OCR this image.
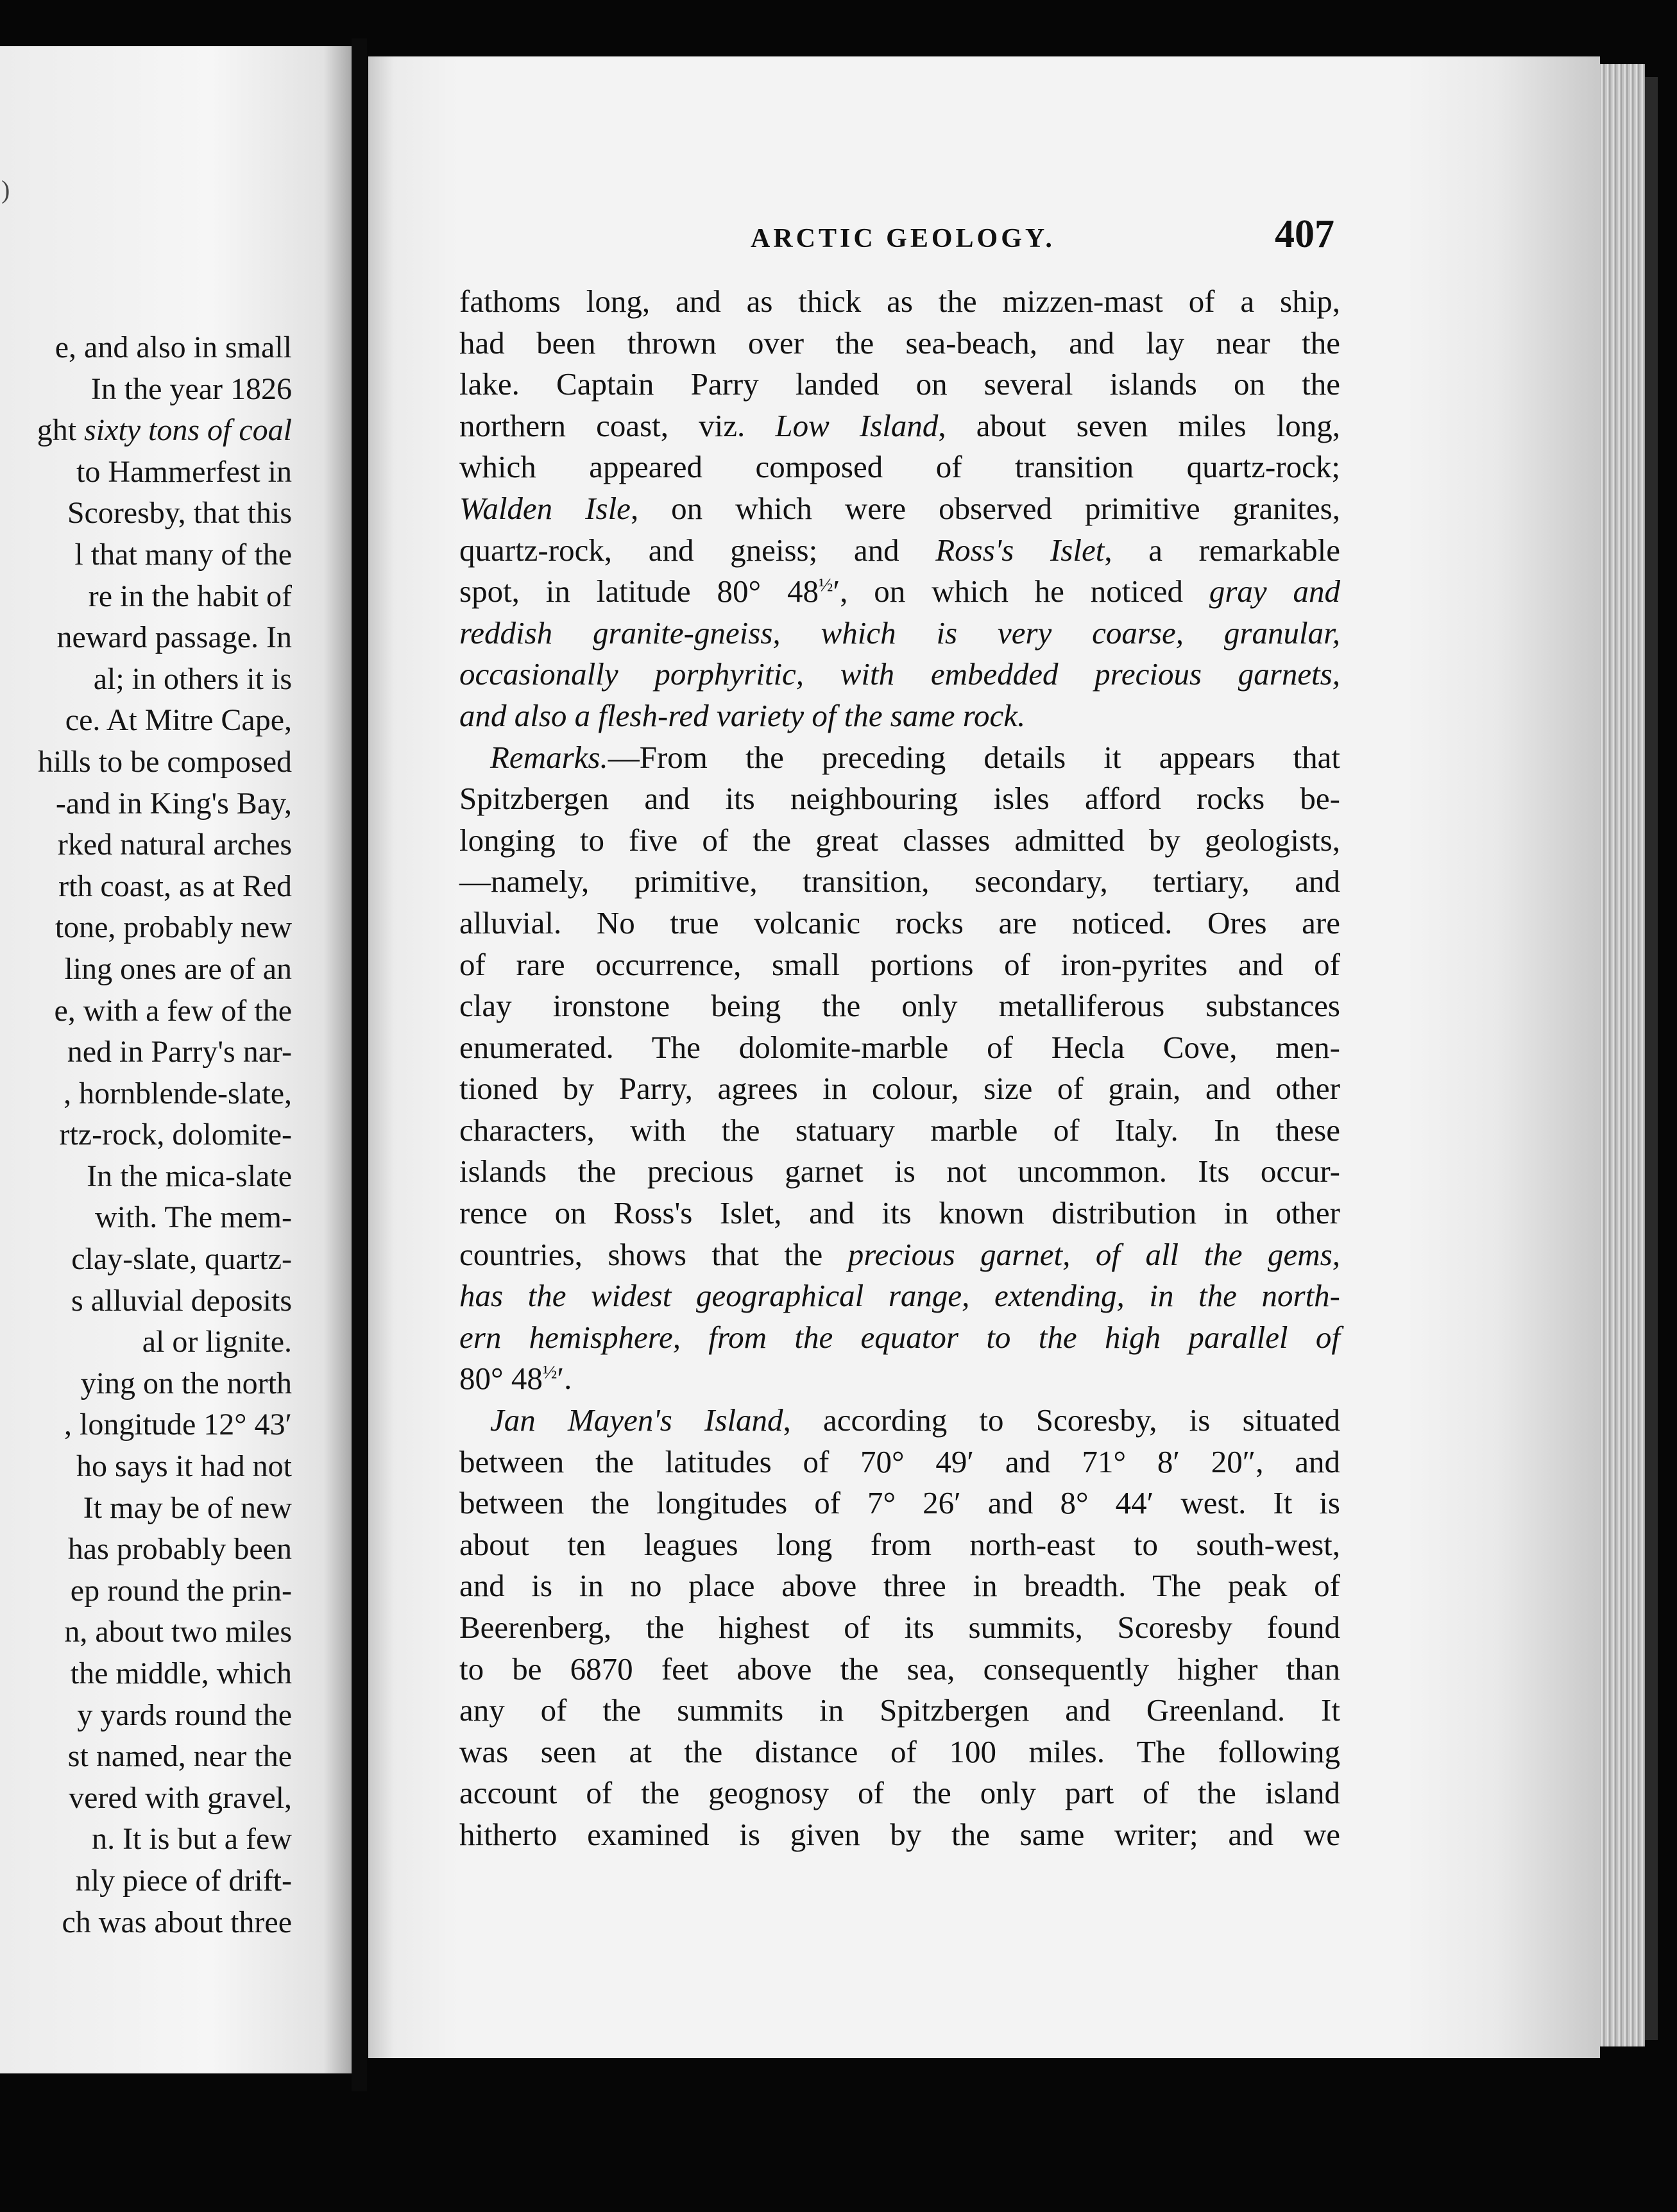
)
e, and also in small
In the year 1826
ght sixty tons of coal
to Hammerfest in
Scoresby, that this
l that many of the
re in the habit of
neward passage. In
al; in others it is
ce. At Mitre Cape,
hills to be composed
-and in King's Bay,
rked natural arches
rth coast, as at Red
tone, probably new
ling ones are of an
e, with a few of the
ned in Parry's nar-
, hornblende-slate,
rtz-rock, dolomite-
In the mica-slate
with. The mem-
clay-slate, quartz-
s alluvial deposits
al or lignite.
ying on the north
, longitude 12° 43′
ho says it had not
It may be of new
has probably been
ep round the prin-
n, about two miles
the middle, which
y yards round the
st named, near the
vered with gravel,
n. It is but a few
nly piece of drift-
ch was about three
ARCTIC GEOLOGY.	407
fathoms long, and as thick as the mizzen-mast of a ship,
had been thrown over the sea-beach, and lay near the
lake. Captain Parry landed on several islands on the
northern coast, viz. Low Island, about seven miles long,
which appeared composed of transition quartz-rock;
Walden Isle, on which were observed primitive granites,
quartz-rock, and gneiss; and Ross's Islet, a remarkable
spot, in latitude 80° $48^{\frac{1}{2}}'$, on which he noticed gray and
reddish granite-gneiss, which is very coarse, granular,
occasionally porphyritic, with embedded precious garnets,
and also a flesh-red variety of the same rock.
Remarks.—From the preceding details it appears that
Spitzbergen and its neighbouring isles afford rocks be-
longing to five of the great classes admitted by geologists,
—namely, primitive, transition, secondary, tertiary, and
alluvial. No true volcanic rocks are noticed. Ores are
of rare occurrence, small portions of iron-pyrites and of
clay ironstone being the only metalliferous substances
enumerated. The dolomite-marble of Hecla Cove, men-
tioned by Parry, agrees in colour, size of grain, and other
characters, with the statuary marble of Italy. In these
islands the precious garnet is not uncommon. Its occur-
rence on Ross's Islet, and its known distribution in other
countries, shows that the precious garnet, of all the gems,
has the widest geographical range, extending, in the north-
ern hemisphere, from the equator to the high parallel of
80° $48^{\frac{1}{2}}'$.
Jan Mayen's Island, according to Scoresby, is situated
between the latitudes of 70° 49′ and 71° 8′ 20″, and
between the longitudes of 7° 26′ and 8° 44′ west. It is
about ten leagues long from north-east to south-west,
and is in no place above three in breadth. The peak of
Beerenberg, the highest of its summits, Scoresby found
to be 6870 feet above the sea, consequently higher than
any of the summits in Spitzbergen and Greenland. It
was seen at the distance of 100 miles. The following
account of the geognosy of the only part of the island
hitherto examined is given by the same writer; and we
